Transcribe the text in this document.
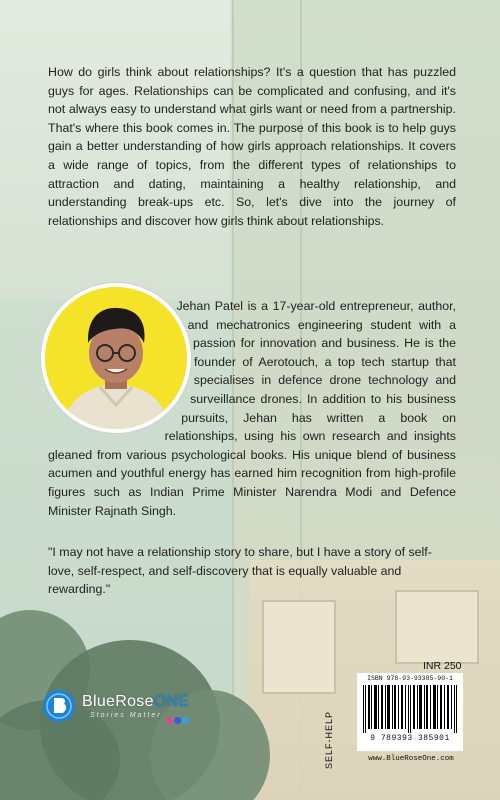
How do girls think about relationships? It's a question that has puzzled guys for ages. Relationships can be complicated and confusing, and it's not always easy to understand what girls want or need from a partnership. That's where this book comes in. The purpose of this book is to help guys gain a better understanding of how girls approach relationships. It covers a wide range of topics, from the different types of relationships to attraction and dating, maintaining a healthy relationship, and understanding break-ups etc. So, let's dive into the journey of relationships and discover how girls think about relationships.

Jehan Patel is a 17-year-old entrepreneur, author, and mechatronics engineering student with a passion for innovation and business. He is the founder of Aerotouch, a top tech startup that specialises in defence drone technology and surveillance drones. In addition to his business pursuits, Jehan has written a book on relationships, using his own research and insights gleaned from various psychological books. His unique blend of business acumen and youthful energy has earned him recognition from high-profile figures such as Indian Prime Minister Narendra Modi and Defence Minister Rajnath Singh.

"I may not have a relationship story to share, but I have a story of self-love, self-respect, and self-discovery that is equally valuable and rewarding."

INR 250
SELF-HELP
ISBN 978-93-93385-90-1
9 789393 385901
www.BlueRoseOne.com
BlueRoseONE
Stories Matter
